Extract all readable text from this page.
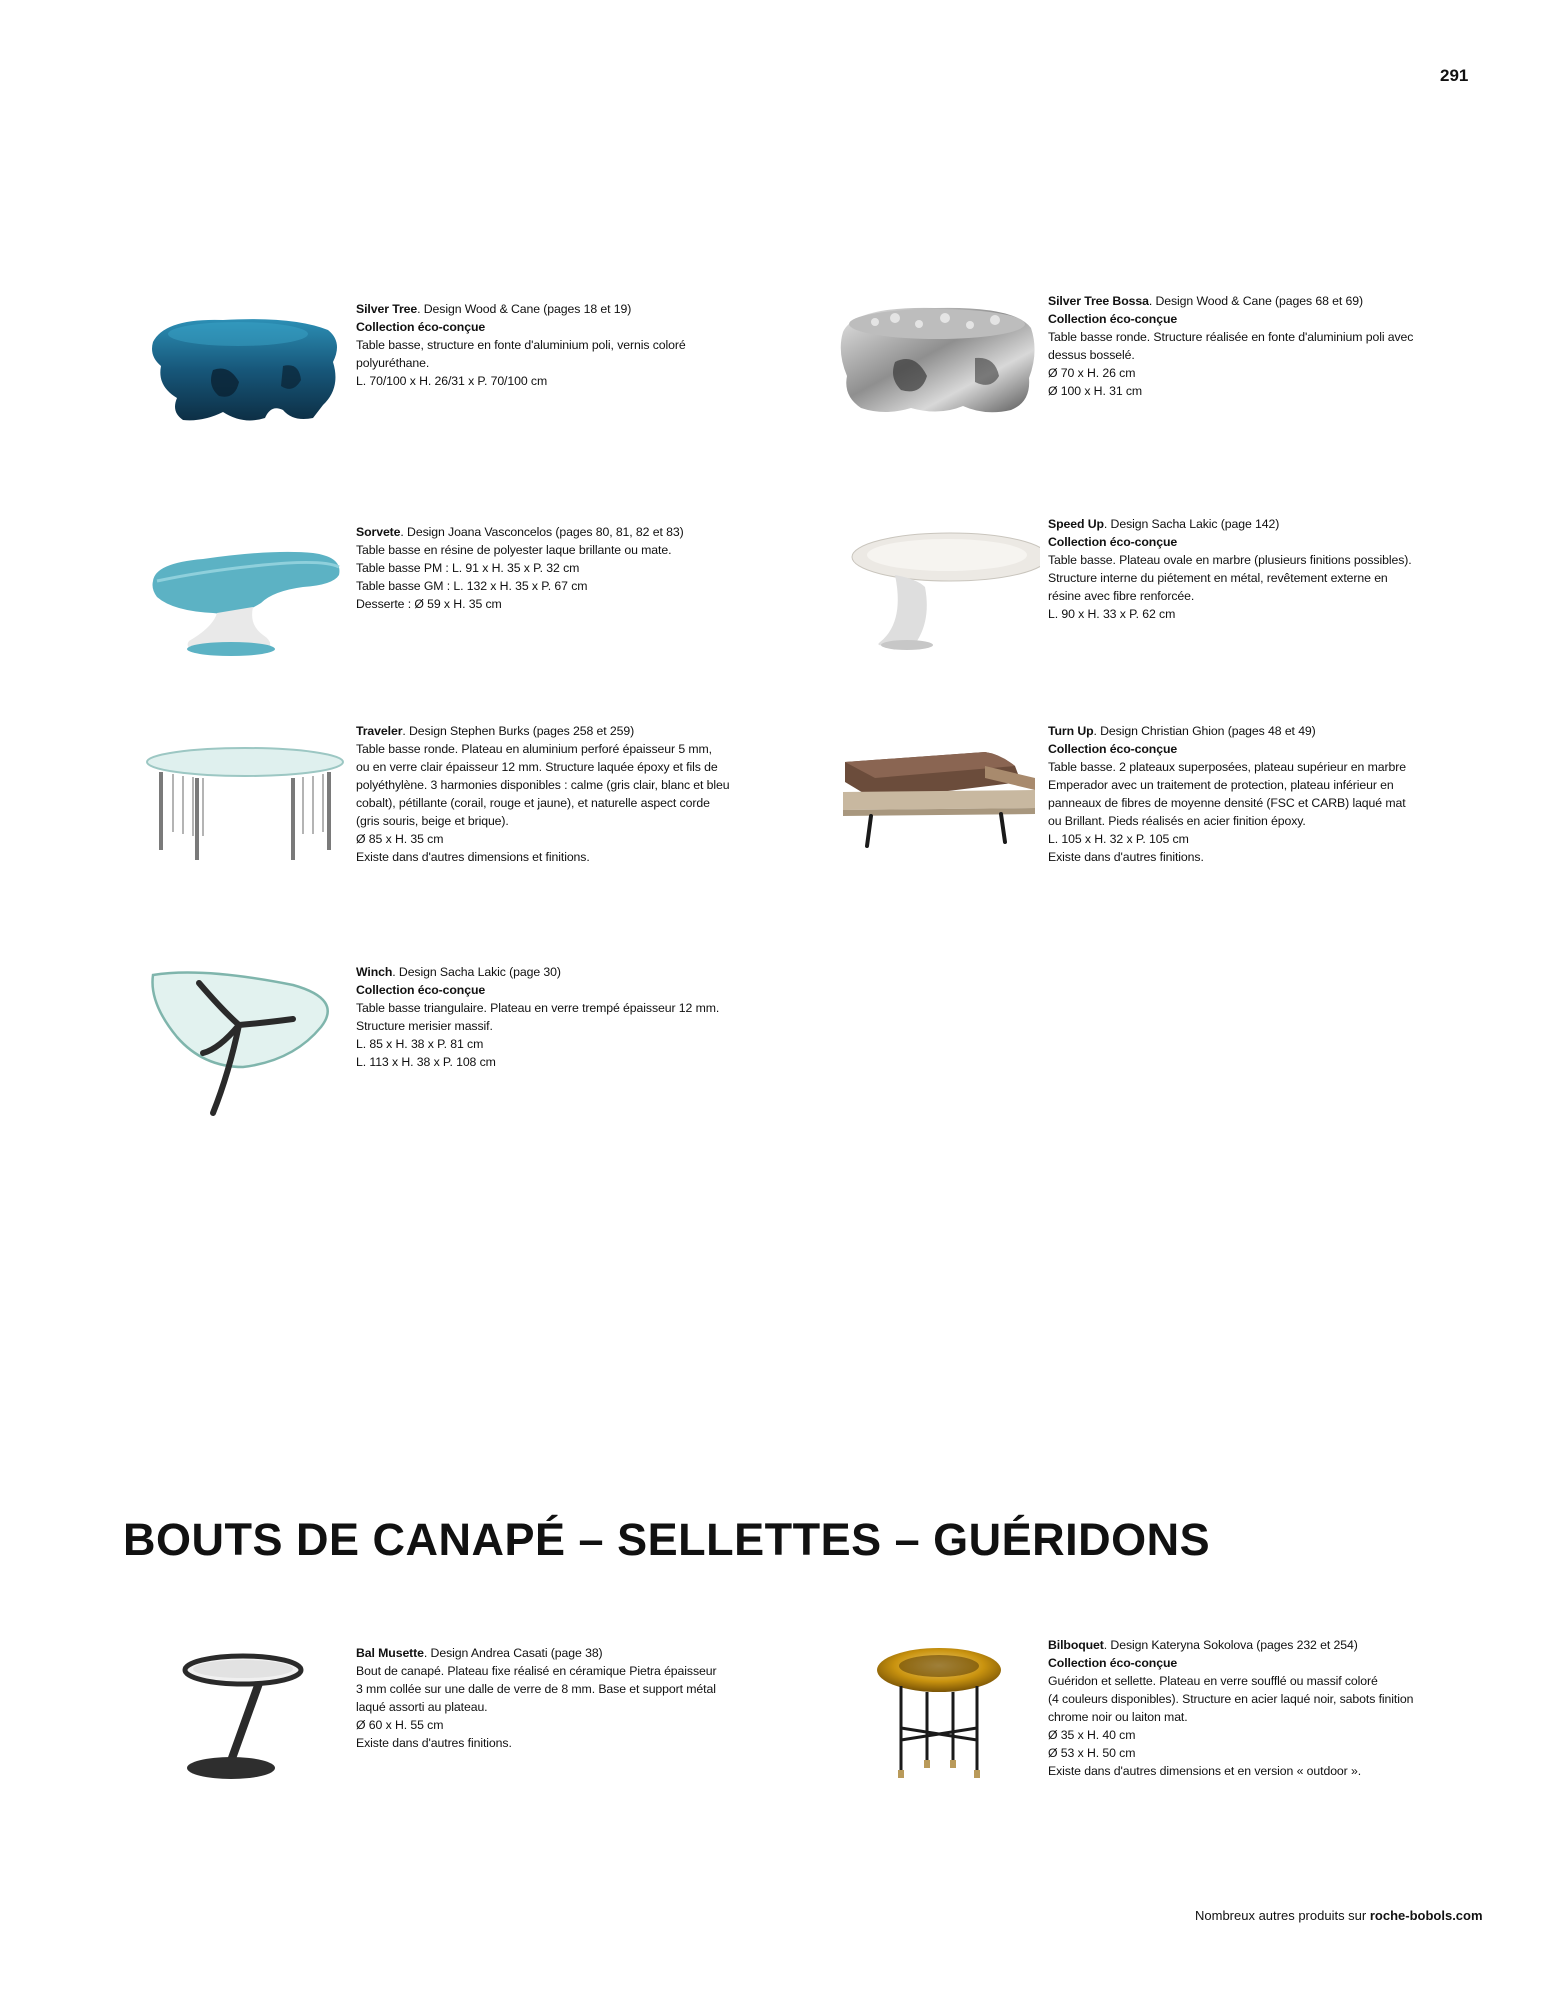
291
Silver Tree. Design Wood & Cane (pages 18 et 19)
Collection éco-conçue
Table basse, structure en fonte d'aluminium poli, vernis coloré
polyuréthane.
L. 70/100 x H. 26/31 x P. 70/100 cm
Silver Tree Bossa. Design Wood & Cane (pages 68 et 69)
Collection éco-conçue
Table basse ronde. Structure réalisée en fonte d'aluminium poli avec
dessus bosselé.
Ø 70 x H. 26 cm
Ø 100 x H. 31 cm
Sorvete. Design Joana Vasconcelos (pages 80, 81, 82 et 83)
Table basse en résine de polyester laque brillante ou mate.
Table basse PM : L. 91 x H. 35 x P. 32 cm
Table basse GM : L. 132 x H. 35 x P. 67 cm
Desserte : Ø 59 x H. 35 cm
Speed Up. Design Sacha Lakic (page 142)
Collection éco-conçue
Table basse. Plateau ovale en marbre (plusieurs finitions possibles).
Structure interne du piétement en métal, revêtement externe en
résine avec fibre renforcée.
L. 90 x H. 33 x P. 62 cm
Traveler. Design Stephen Burks (pages 258 et 259)
Table basse ronde. Plateau en aluminium perforé épaisseur 5 mm,
ou en verre clair épaisseur 12 mm. Structure laquée époxy et fils de
polyéthylène. 3 harmonies disponibles : calme (gris clair, blanc et bleu
cobalt), pétillante (corail, rouge et jaune), et naturelle aspect corde
(gris souris, beige et brique).
Ø 85 x H. 35 cm
Existe dans d'autres dimensions et finitions.
Turn Up. Design Christian Ghion (pages 48 et 49)
Collection éco-conçue
Table basse. 2 plateaux superposées, plateau supérieur en marbre
Emperador avec un traitement de protection, plateau inférieur en
panneaux de fibres de moyenne densité (FSC et CARB) laqué mat
ou Brillant. Pieds réalisés en acier finition époxy.
L. 105 x H. 32 x P. 105 cm
Existe dans d'autres finitions.
Winch. Design Sacha Lakic (page 30)
Collection éco-conçue
Table basse triangulaire. Plateau en verre trempé épaisseur 12 mm.
Structure merisier massif.
L. 85 x H. 38 x P. 81 cm
L. 113 x H. 38 x P. 108 cm
BOUTS DE CANAPÉ – SELLETTES – GUÉRIDONS
Bal Musette. Design Andrea Casati (page 38)
Bout de canapé. Plateau fixe réalisé en céramique Pietra épaisseur
3 mm collée sur une dalle de verre de 8 mm. Base et support métal
laqué assorti au plateau.
Ø 60 x H. 55 cm
Existe dans d'autres finitions.
Bilboquet. Design Kateryna Sokolova (pages 232 et 254)
Collection éco-conçue
Guéridon et sellette. Plateau en verre soufflé ou massif coloré
(4 couleurs disponibles). Structure en acier laqué noir, sabots finition
chrome noir ou laiton mat.
Ø 35 x H. 40 cm
Ø 53 x H. 50 cm
Existe dans d'autres dimensions et en version « outdoor ».
Nombreux autres produits sur roche-bobols.com
